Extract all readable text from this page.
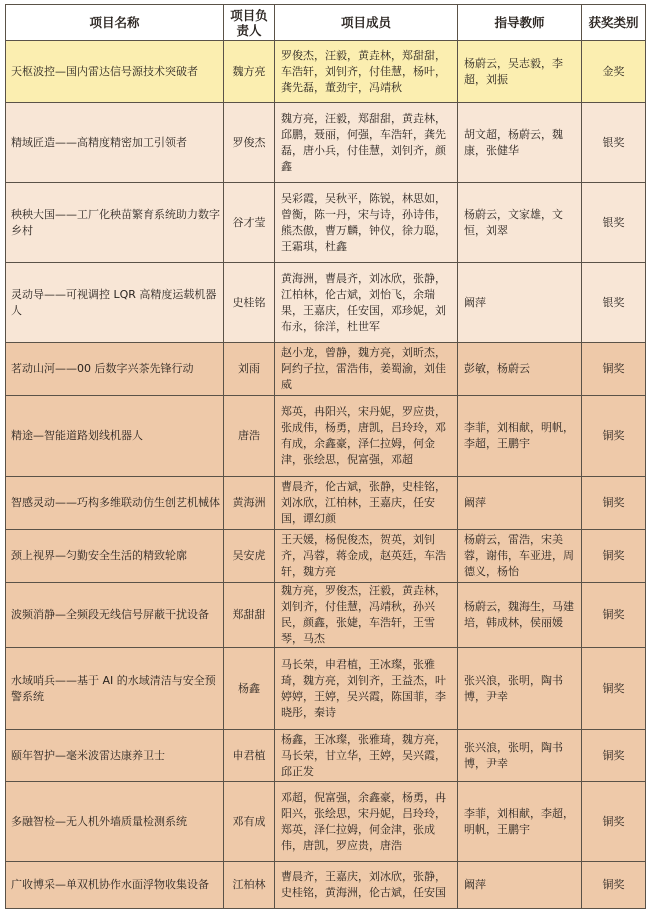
项目名称	项目负责人	项目成员	指导教师	获奖类别
天枢波控—国内雷达信号源技术突破者	魏方亮	罗俊杰，汪毅，黄垚林，郑甜甜，车浩轩，刘钊齐，付佳慧，杨叶，龚先磊，董劲宇，冯靖秋	杨蔚云，吴志毅，李超，刘振	金奖
精域匠造——高精度精密加工引领者	罗俊杰	魏方亮，汪毅，郑甜甜，黄垚林，邱鹏，聂丽，何强，车浩轩，龚先磊，唐小兵，付佳慧，刘钊齐，颜鑫	胡文超，杨蔚云，魏康，张健华	银奖
秧秧大国——工厂化秧苗繁育系统助力数字乡村	谷才莹	吴彩霞，吴秋平，陈锐，林思如，曾衡，陈一丹，宋与诗，孙诗伟，熊杰傲，曹万麟，钟仪，徐力聪，王霜琪，杜鑫	杨蔚云，文家雄，文恒，刘翠	银奖
灵动导——可视调控 LQR 高精度运载机器人	史桂铭	黄海洲，曹晨齐，刘冰欣，张静，江柏林，伦古斌，刘怡飞，余瑞果，王嘉庆，任安国，邓珍妮，刘布永，徐洋，杜世军	阚萍	银奖
茗动山河——00 后数字兴茶先锋行动	刘雨	赵小龙，曾静，魏方亮，刘昕杰，阿约子拉，雷浩伟，姜蜀渝，刘佳威	彭敏，杨蔚云	铜奖
精途—智能道路划线机器人	唐浩	郑英，冉阳兴，宋丹妮，罗应贵，张成伟，杨勇，唐凯，吕玲玲，邓有成，余鑫豪，泽仁拉姆，何金津，张绘思，倪富强，邓超	李菲，刘相献，明帆，李超，王鹏宇	铜奖
智感灵动——巧构多维联动仿生创艺机械体	黄海洲	曹晨齐，伦古斌，张静，史桂铭，刘冰欣，江柏林，王嘉庆，任安国，谭幻颜	阚萍	铜奖
颈上视界—匀勤安全生活的精致轮廓	吴安虎	王天媛，杨倪俊杰，贺英，刘钊齐，冯蓉，蒋金成，赵英廷，车浩轩，魏方亮	杨蔚云，雷浩，宋美蓉，谢伟，车亚进，周德义，杨怡	铜奖
波频消静—全频段无线信号屏蔽干扰设备	郑甜甜	魏方亮，罗俊杰，汪毅，黄垚林，刘钊齐，付佳慧，冯靖秋，孙兴民，颜鑫，张婕，车浩轩，王雪琴，马杰	杨蔚云，魏海生，马建培，韩成林，侯丽媛	铜奖
水域哨兵——基于 AI 的水域清洁与安全预警系统	杨鑫	马长荣，申君植，王冰璨，张雅琦，魏方亮，刘钊齐，王益杰，叶婷婷，王婷，吴兴霞，陈国菲，李晓彤，秦诗	张兴浪，张明，陶书博，尹幸	铜奖
颐年智护—毫米波雷达康养卫士	申君植	杨鑫，王冰璨，张雅琦，魏方亮，马长荣，甘立华，王婷，吴兴霞，邱正发	张兴浪，张明，陶书博，尹幸	铜奖
多融智检—无人机外墙质量检测系统	邓有成	邓超，倪富强，余鑫豪，杨勇，冉阳兴，张绘思，宋丹妮，吕玲玲，郑英，泽仁拉姆，何金津，张成伟，唐凯，罗应贵，唐浩	李菲，刘相献，李超，明帆，王鹏宇	铜奖
广收博采—单双机协作水面浮物收集设备	江柏林	曹晨齐，王嘉庆，刘冰欣，张静，史桂铭，黄海洲，伦古斌，任安国	阚萍	铜奖
